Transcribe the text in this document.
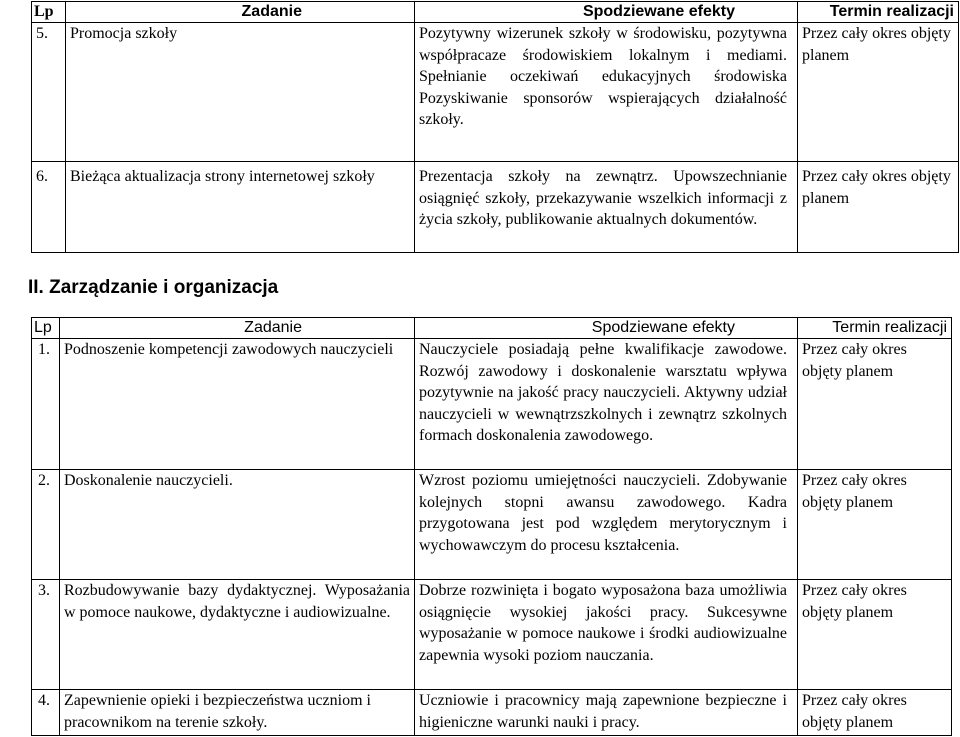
Lp	Zadanie	Spodziewane efekty	Termin realizacji
5.	Promocja szkoły	Pozytywny wizerunek szkoły w środowisku, pozytywna współpracaze środowiskiem lokalnym i mediami. Spełnianie oczekiwań edukacyjnych środowiska Pozyskiwanie sponsorów wspierających działalność szkoły.	Przez cały okres objęty planem
6.	Bieżąca aktualizacja strony internetowej szkoły	Prezentacja szkoły na zewnątrz. Upowszechnianie osiągnięć szkoły, przekazywanie wszelkich informacji z życia szkoły, publikowanie aktualnych dokumentów.	Przez cały okres objęty planem
II. Zarządzanie i organizacja
Lp	Zadanie	Spodziewane efekty	Termin realizacji
1.	Podnoszenie kompetencji zawodowych nauczycieli	Nauczyciele posiadają pełne kwalifikacje zawodowe. Rozwój zawodowy i doskonalenie warsztatu wpływa pozytywnie na jakość pracy nauczycieli. Aktywny udział nauczycieli w wewnątrzszkolnych i zewnątrz szkolnych formach doskonalenia zawodowego.	Przez cały okres objęty planem
2.	Doskonalenie nauczycieli.	Wzrost poziomu umiejętności nauczycieli. Zdobywanie kolejnych stopni awansu zawodowego. Kadra przygotowana jest pod względem merytorycznym i wychowawczym do procesu kształcenia.	Przez cały okres objęty planem
3.	Rozbudowywanie bazy dydaktycznej. Wyposażania w pomoce naukowe, dydaktyczne i audiowizualne.	Dobrze rozwinięta i bogato wyposażona baza umożliwia osiągnięcie wysokiej jakości pracy. Sukcesywne wyposażanie w pomoce naukowe i środki audiowizualne zapewnia wysoki poziom nauczania.	Przez cały okres objęty planem
4.	Zapewnienie opieki i bezpieczeństwa uczniom i pracownikom na terenie szkoły.	Uczniowie i pracownicy mają zapewnione bezpieczne i higieniczne warunki nauki i pracy.	Przez cały okres objęty planem
